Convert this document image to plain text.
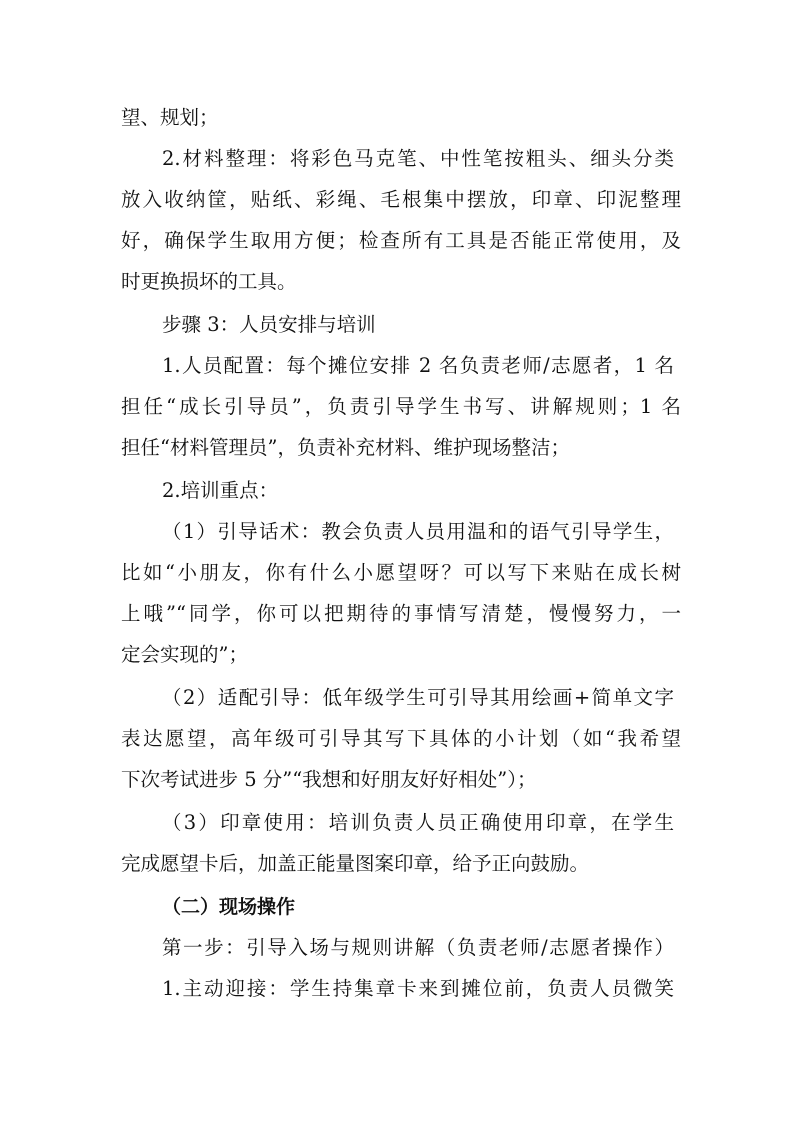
望、规划；
2.材料整理：将彩色马克笔、中性笔按粗头、细头分类
放入收纳筐，贴纸、彩绳、毛根集中摆放，印章、印泥整理
好，确保学生取用方便；检查所有工具是否能正常使用，及
时更换损坏的工具。
步骤 3：人员安排与培训
1.人员配置：每个摊位安排 2 名负责老师/志愿者，1 名
担任“成长引导员”，负责引导学生书写、讲解规则；1 名
担任“材料管理员”，负责补充材料、维护现场整洁；
2.培训重点：
（1）引导话术：教会负责人员用温和的语气引导学生，
比如“小朋友，你有什么小愿望呀？可以写下来贴在成长树
上哦”“同学，你可以把期待的事情写清楚，慢慢努力，一
定会实现的”；
（2）适配引导：低年级学生可引导其用绘画+简单文字
表达愿望，高年级可引导其写下具体的小计划（如“我希望
下次考试进步 5 分”“我想和好朋友好好相处”）；
（3）印章使用：培训负责人员正确使用印章，在学生
完成愿望卡后，加盖正能量图案印章，给予正向鼓励。
（二）现场操作
第一步：引导入场与规则讲解（负责老师/志愿者操作）
1.主动迎接：学生持集章卡来到摊位前，负责人员微笑
